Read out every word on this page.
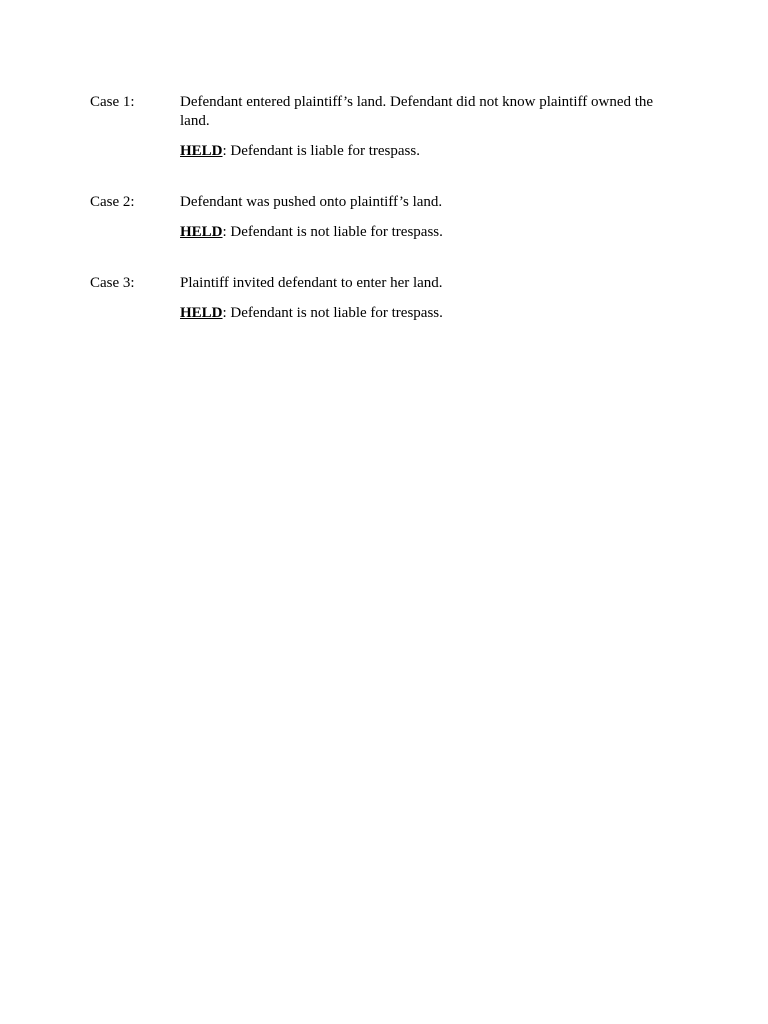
Case 1:	Defendant entered plaintiff’s land. Defendant did not know plaintiff owned the land.

HELD: Defendant is liable for trespass.

Case 2:	Defendant was pushed onto plaintiff’s land.

HELD: Defendant is not liable for trespass.

Case 3:	Plaintiff invited defendant to enter her land.

HELD: Defendant is not liable for trespass.
